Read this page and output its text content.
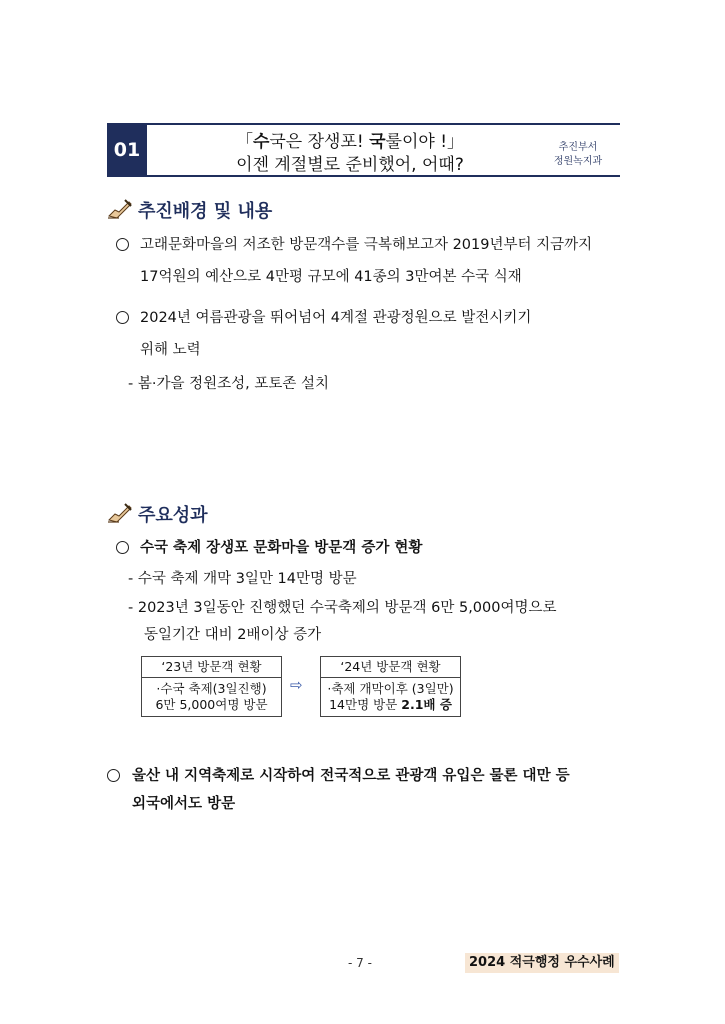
01	「수국은 장생포! 국룰이야 !」
이젠 계절별로 준비했어, 어때?
추진부서
정원녹지과
추진배경 및 내용
고래문화마을의 저조한 방문객수를 극복해보고자 2019년부터 지금까지
17억원의 예산으로 4만평 규모에 41종의 3만여본 수국 식재
2024년 여름관광을 뛰어넘어 4계절 관광정원으로 발전시키기
위해 노력
- 봄·가을 정원조성, 포토존 설치
주요성과
수국 축제 장생포 문화마을 방문객 증가 현황
- 수국 축제 개막 3일만 14만명 방문
- 2023년 3일동안 진행했던 수국축제의 방문객 6만 5,000여명으로
동일기간 대비 2배이상 증가
‘23년 방문객 현황
·수국 축제(3일진행)
6만 5,000여명 방문
⇨
‘24년 방문객 현황
·축제 개막이후 (3일만)
14만명 방문 2.1배 증
울산 내 지역축제로 시작하여 전국적으로 관광객 유입은 물론 대만 등
외국에서도 방문
- 7 -	2024 적극행정 우수사례
